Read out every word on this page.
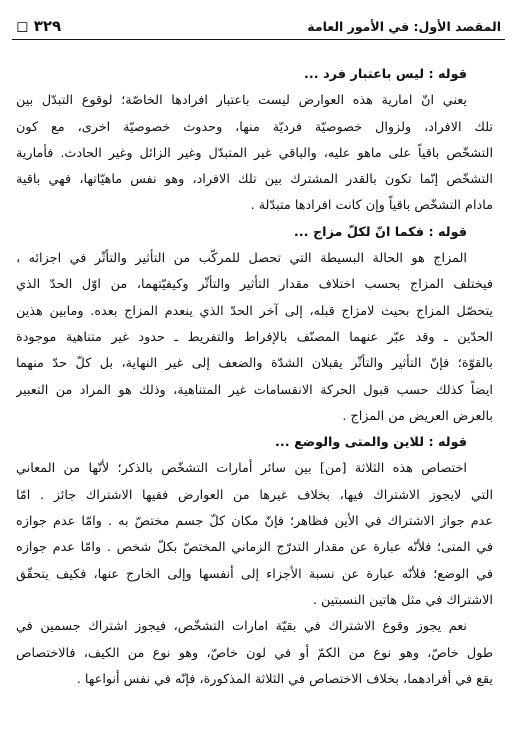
المقصد الأول: في الأمور العامة
٣٢٩ ◻
قوله : ليس باعتبار فرد ...
يعني انّ امارية هذه العوارض ليست باعتبار افرادها الخاصّة؛ لوقوع التبدّل بين
تلك الافراد، ولزوال خصوصيّة فرديّة منها، وحدوث خصوصيّة اخرى، مع كون
التشخّص باقياً على ماهو عليه، والباقي غير المتبدّل وغير الزائل وغير الحادث. فأمارية
التشخّص إنّما تكون بالقدر المشترك بين تلك الافراد، وهو نفس ماهيّاتها، فهي باقية
مادام التشخّص باقياً وإن كانت افرادها متبدّلة .
قوله : فكما انّ لكلّ مزاج ...
المزاج هو الحالة البسيطة التي تحصل للمركّب من التأثير والتأثّر في اجزائه ،
فيختلف المزاج بحسب اختلاف مقدار التأثير والتأثّر وكيفيّتهما، من اوّل الحدّ الذي
يتحصّل المزاج بحيث لامزاج قبله، إلى آخر الحدّ الذي ينعدم المزاج بعده. ومابين هذين
الحدّين ـ وقد عبّر عنهما المصنّف بالإفراط والتفريط ـ حدود غير متناهية موجودة
بالقوّة؛ فإنّ التأثير والتأثّر يقبلان الشدّة والضعف إلى غير النهاية، بل كلّ حدّ منهما
ايضاً كذلك حسب قبول الحركة الانقسامات غير المتناهية، وذلك هو المراد من التعبير
بالعرض العريض من المزاج .
قوله : للاين والمتى والوضع ...
اختصاص هذه الثلاثة [من] بين سائر أمارات التشخّص بالذكر؛ لأنّها من المعاني
التي لايجوز الاشتراك فيها، بخلاف غيرها من العوارض ففيها الاشتراك جائز . امّا
عدم جواز الاشتراك في الأين فظاهر؛ فإنّ مكان كلّ جسم مختصّ به . وامّا عدم جوازه
في المتى؛ فلأنّه عبارة عن مقدار التدرّج الزماني المختصّ بكلّ شخص . وامّا عدم جوازه
في الوضع؛ فلأنّه عبارة عن نسبة الأجزاء إلى أنفسها وإلى الخارج عنها، فكيف يتحقّق
الاشتراك في مثل هاتين النسبتين .
نعم يجوز وقوع الاشتراك في بقيّة امارات التشخّص، فيجوز اشتراك جسمين في
طول خاصّ، وهو نوع من الكمّ أو في لون خاصّ، وهو نوع من الكيف، فالاختصاص
يقع في أفرادهما، بخلاف الاختصاص في الثلاثة المذكورة، فإنّه في نفس أنواعها .
